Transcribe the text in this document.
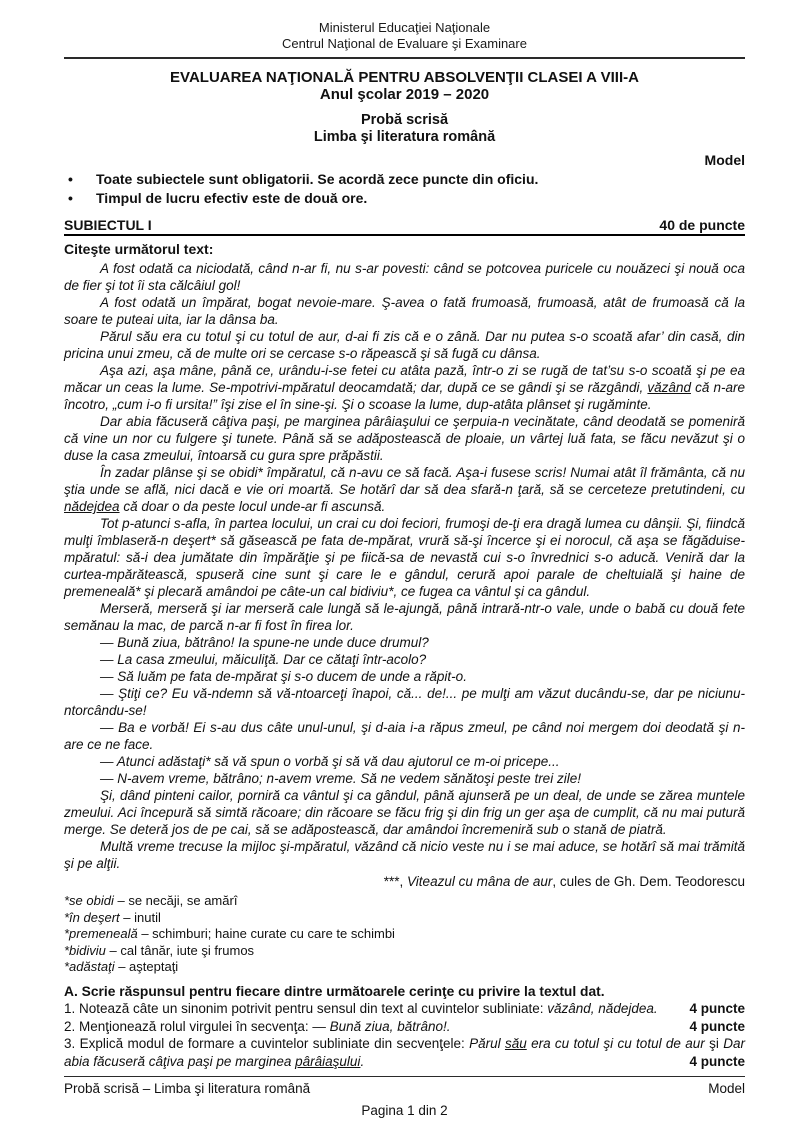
Ministerul Educaţiei Naţionale
Centrul Naţional de Evaluare şi Examinare
EVALUAREA NAŢIONALĂ PENTRU ABSOLVENŢII CLASEI A VIII-A
Anul şcolar 2019 – 2020
Probă scrisă
Limba şi literatura română
Model
• Toate subiectele sunt obligatorii. Se acordă zece puncte din oficiu.
• Timpul de lucru efectiv este de două ore.
SUBIECTUL I	40 de puncte
Citeşte următorul text:

A fost odată ca niciodată, când n-ar fi, nu s-ar povesti: când se potcovea puricele cu nouăzeci şi nouă oca de fier şi tot îi sta călcâiul gol!

A fost odată un împărat, bogat nevoie-mare. Ş-avea o fată frumoasă, frumoasă, atât de frumoasă că la soare te puteai uita, iar la dânsa ba.

Părul său era cu totul şi cu totul de aur, d-ai fi zis că e o zână. Dar nu putea s-o scoată afar’ din casă, din pricina unui zmeu, că de multe ori se cercase s-o răpească şi să fugă cu dânsa.

Aşa azi, aşa mâne, până ce, urându-i-se fetei cu atâta pază, într-o zi se rugă de tat’su s-o scoată şi pe ea măcar un ceas la lume. Se-mpotrivi-mpăratul deocamdată; dar, după ce se gândi şi se răzgândi, văzând că n-are încotro, „cum i-o fi ursita!” îşi zise el în sine-şi. Şi o scoase la lume, dup-atâta plânset şi rugăminte.

Dar abia făcuseră câţiva paşi, pe marginea pârâiaşului ce şerpuia-n vecinătate, când deodată se pomeniră că vine un nor cu fulgere şi tunete. Până să se adăpostească de ploaie, un vârtej luă fata, se făcu nevăzut şi o duse la casa zmeului, întoarsă cu gura spre prăpăstii.

În zadar plânse şi se obidi* împăratul, că n-avu ce să facă. Aşa-i fusese scris! Numai atât îl frământa, că nu ştia unde se află, nici dacă e vie ori moartă. Se hotărî dar să dea sfară-n ţară, să se cerceteze pretutindeni, cu nădejdea că doar o da peste locul unde-ar fi ascunsă.

Tot p-atunci s-afla, în partea locului, un crai cu doi feciori, frumoşi de-ţi era dragă lumea cu dânşii. Şi, fiindcă mulţi îmblaseră-n deşert* să găsească pe fata de-mpărat, vrură să-şi încerce şi ei norocul, că aşa se făgăduise-mpăratul: să-i dea jumătate din împărăţie şi pe fiică-sa de nevastă cui s-o învrednici s-o aducă. Veniră dar la curtea-mpărătească, spuseră cine sunt şi care le e gândul, cerură apoi parale de cheltuială şi haine de premeneală* şi plecară amândoi pe câte-un cal bidiviu*, ce fugea ca vântul şi ca gândul.

Merseră, merseră şi iar merseră cale lungă să le-ajungă, până intrară-ntr-o vale, unde o babă cu două fete semănau la mac, de parcă n-ar fi fost în firea lor.

— Bună ziua, bătrâno! Ia spune-ne unde duce drumul?

— La casa zmeului, măiculiţă. Dar ce cătaţi într-acolo?

— Să luăm pe fata de-mpărat şi s-o ducem de unde a răpit-o.

— Ştiţi ce? Eu vă-ndemn să vă-ntoarceţi înapoi, că... de!... pe mulţi am văzut ducându-se, dar pe niciunu-ntorcându-se!

— Ba e vorbă! Ei s-au dus câte unul-unul, şi d-aia i-a răpus zmeul, pe când noi mergem doi deodată şi n-are ce ne face.

— Atunci adăstaţi* să vă spun o vorbă şi să vă dau ajutorul ce m-oi pricepe...

— N-avem vreme, bătrâno; n-avem vreme. Să ne vedem sănătoşi peste trei zile!

Şi, dând pinteni cailor, porniră ca vântul şi ca gândul, până ajunseră pe un deal, de unde se zărea muntele zmeului. Aci începură să simtă răcoare; din răcoare se făcu frig şi din frig un ger aşa de cumplit, că nu mai putură merge. Se deteră jos de pe cai, să se adăpostească, dar amândoi încremeniră sub o stană de piatră.

Multă vreme trecuse la mijloc şi-mpăratul, văzând că nicio veste nu i se mai aduce, se hotărî să mai trămită şi pe alţii.

***, Viteazul cu mâna de aur, cules de Gh. Dem. Teodorescu

*se obidi – se necăji, se amărî

*în deşert – inutil

*premeneală – schimburi; haine curate cu care te schimbi

*bidiviu – cal tânăr, iute şi frumos

*adăstaţi – aşteptaţi

A. Scrie răspunsul pentru fiecare dintre următoarele cerinţe cu privire la textul dat.
1. Notează câte un sinonim potrivit pentru sensul din text al cuvintelor subliniate: văzând, nădejdea.	4 puncte
2. Menţionează rolul virgulei în secvenţa: — Bună ziua, bătrâno!.	4 puncte
3. Explică modul de formare a cuvintelor subliniate din secvenţele: Părul său era cu totul şi cu totul de aur şi Dar abia făcuseră câţiva paşi pe marginea pârâiaşului.	4 puncte
Probă scrisă – Limba şi literatura română	Model
Pagina 1 din 2
